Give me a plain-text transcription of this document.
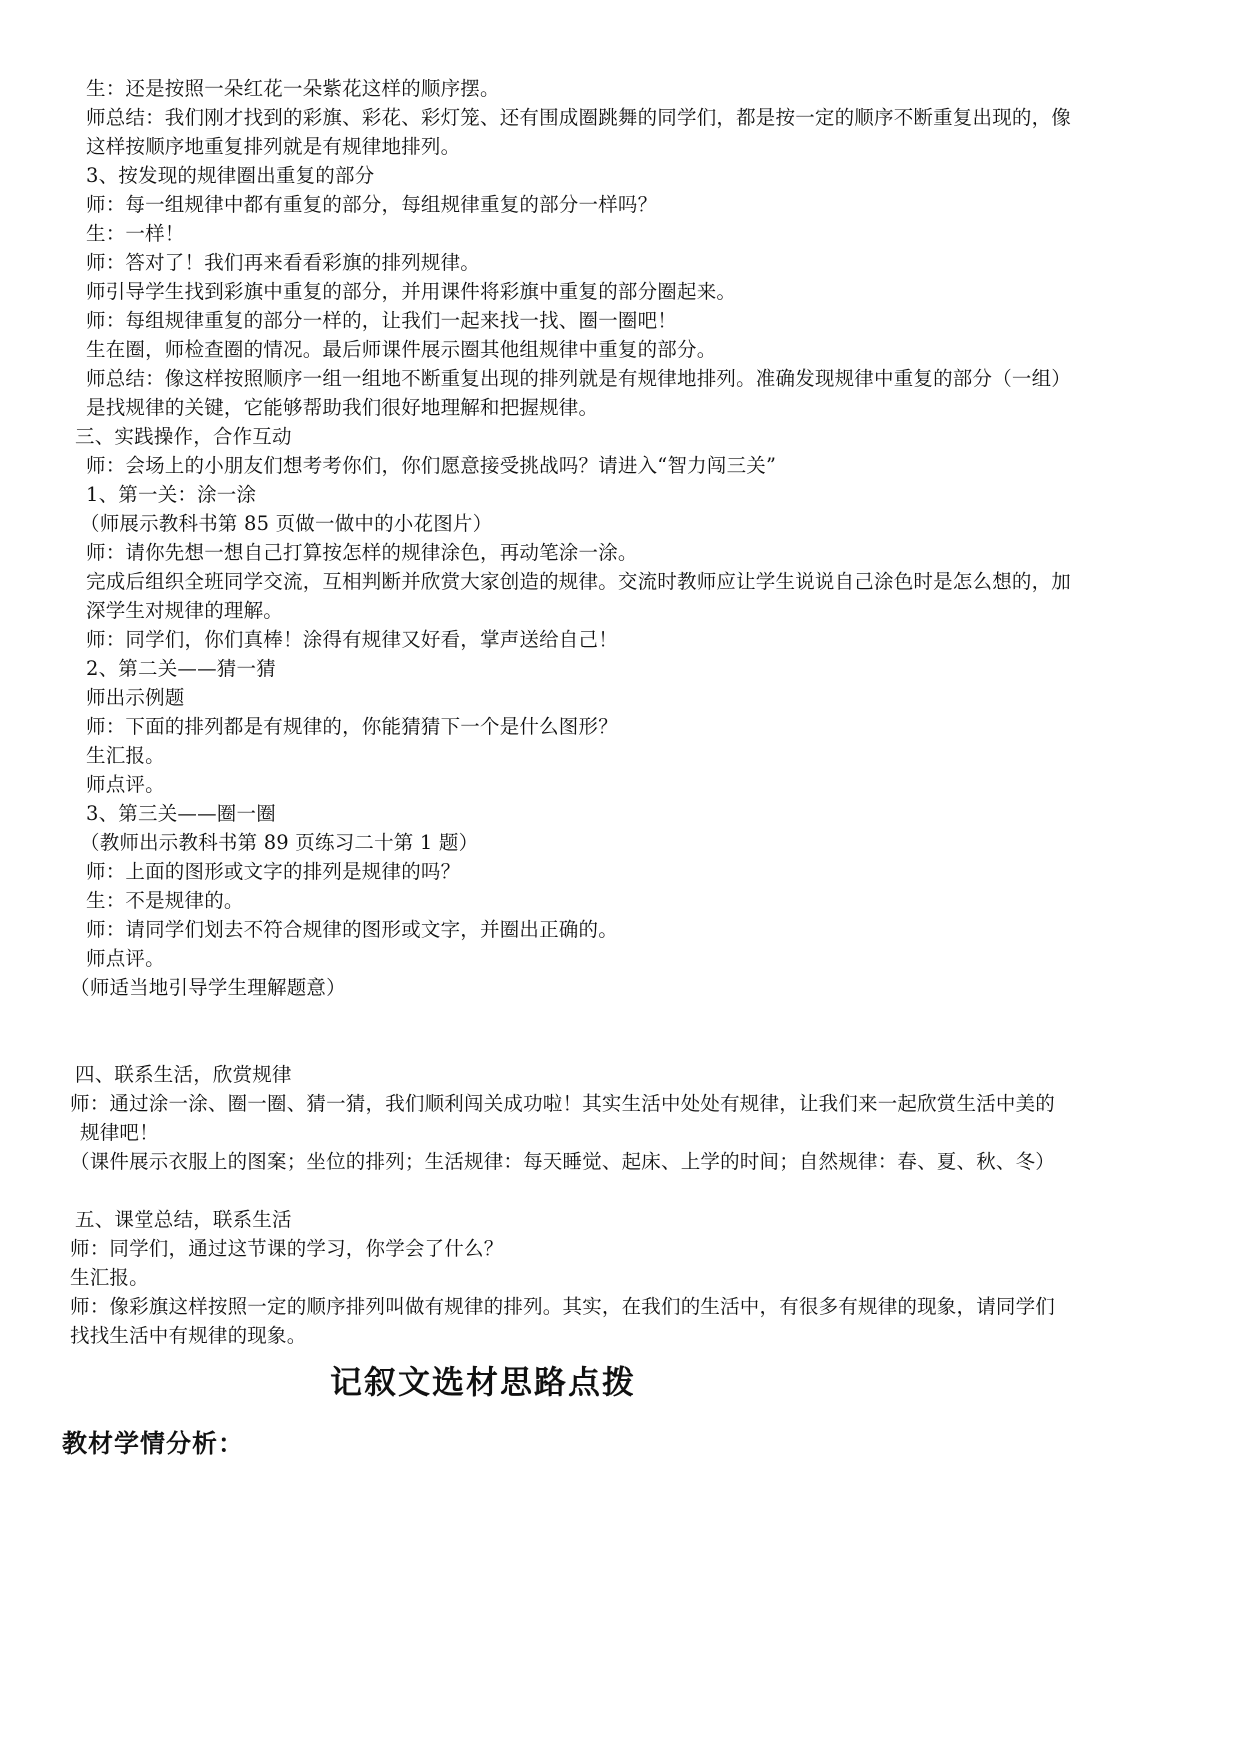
生：还是按照一朵红花一朵紫花这样的顺序摆。
师总结：我们刚才找到的彩旗、彩花、彩灯笼、还有围成圈跳舞的同学们，都是按一定的顺序不断重复出现的，像
这样按顺序地重复排列就是有规律地排列。
3、按发现的规律圈出重复的部分
师：每一组规律中都有重复的部分，每组规律重复的部分一样吗？
生：一样！
师：答对了！我们再来看看彩旗的排列规律。
师引导学生找到彩旗中重复的部分，并用课件将彩旗中重复的部分圈起来。
师：每组规律重复的部分一样的，让我们一起来找一找、圈一圈吧！
生在圈，师检查圈的情况。最后师课件展示圈其他组规律中重复的部分。
师总结：像这样按照顺序一组一组地不断重复出现的排列就是有规律地排列。准确发现规律中重复的部分（一组）
是找规律的关键，它能够帮助我们很好地理解和把握规律。
三、实践操作，合作互动
师：会场上的小朋友们想考考你们，你们愿意接受挑战吗？请进入“智力闯三关”
1、第一关：涂一涂
（师展示教科书第 85 页做一做中的小花图片）
师：请你先想一想自己打算按怎样的规律涂色，再动笔涂一涂。
完成后组织全班同学交流，互相判断并欣赏大家创造的规律。交流时教师应让学生说说自己涂色时是怎么想的，加
深学生对规律的理解。
师：同学们，你们真棒！涂得有规律又好看，掌声送给自己！
2、第二关——猜一猜
师出示例题
师：下面的排列都是有规律的，你能猜猜下一个是什么图形？
生汇报。
师点评。
3、第三关——圈一圈
（教师出示教科书第 89 页练习二十第 1 题）
师：上面的图形或文字的排列是规律的吗？
生：不是规律的。
师：请同学们划去不符合规律的图形或文字，并圈出正确的。
师点评。
（师适当地引导学生理解题意）
四、联系生活，欣赏规律
师：通过涂一涂、圈一圈、猜一猜，我们顺利闯关成功啦！其实生活中处处有规律，让我们来一起欣赏生活中美的
规律吧！
（课件展示衣服上的图案；坐位的排列；生活规律：每天睡觉、起床、上学的时间；自然规律：春、夏、秋、冬）
五、课堂总结，联系生活
师：同学们，通过这节课的学习，你学会了什么？
生汇报。
师：像彩旗这样按照一定的顺序排列叫做有规律的排列。其实，在我们的生活中，有很多有规律的现象，请同学们
找找生活中有规律的现象。
记叙文选材思路点拨
教材学情分析：
